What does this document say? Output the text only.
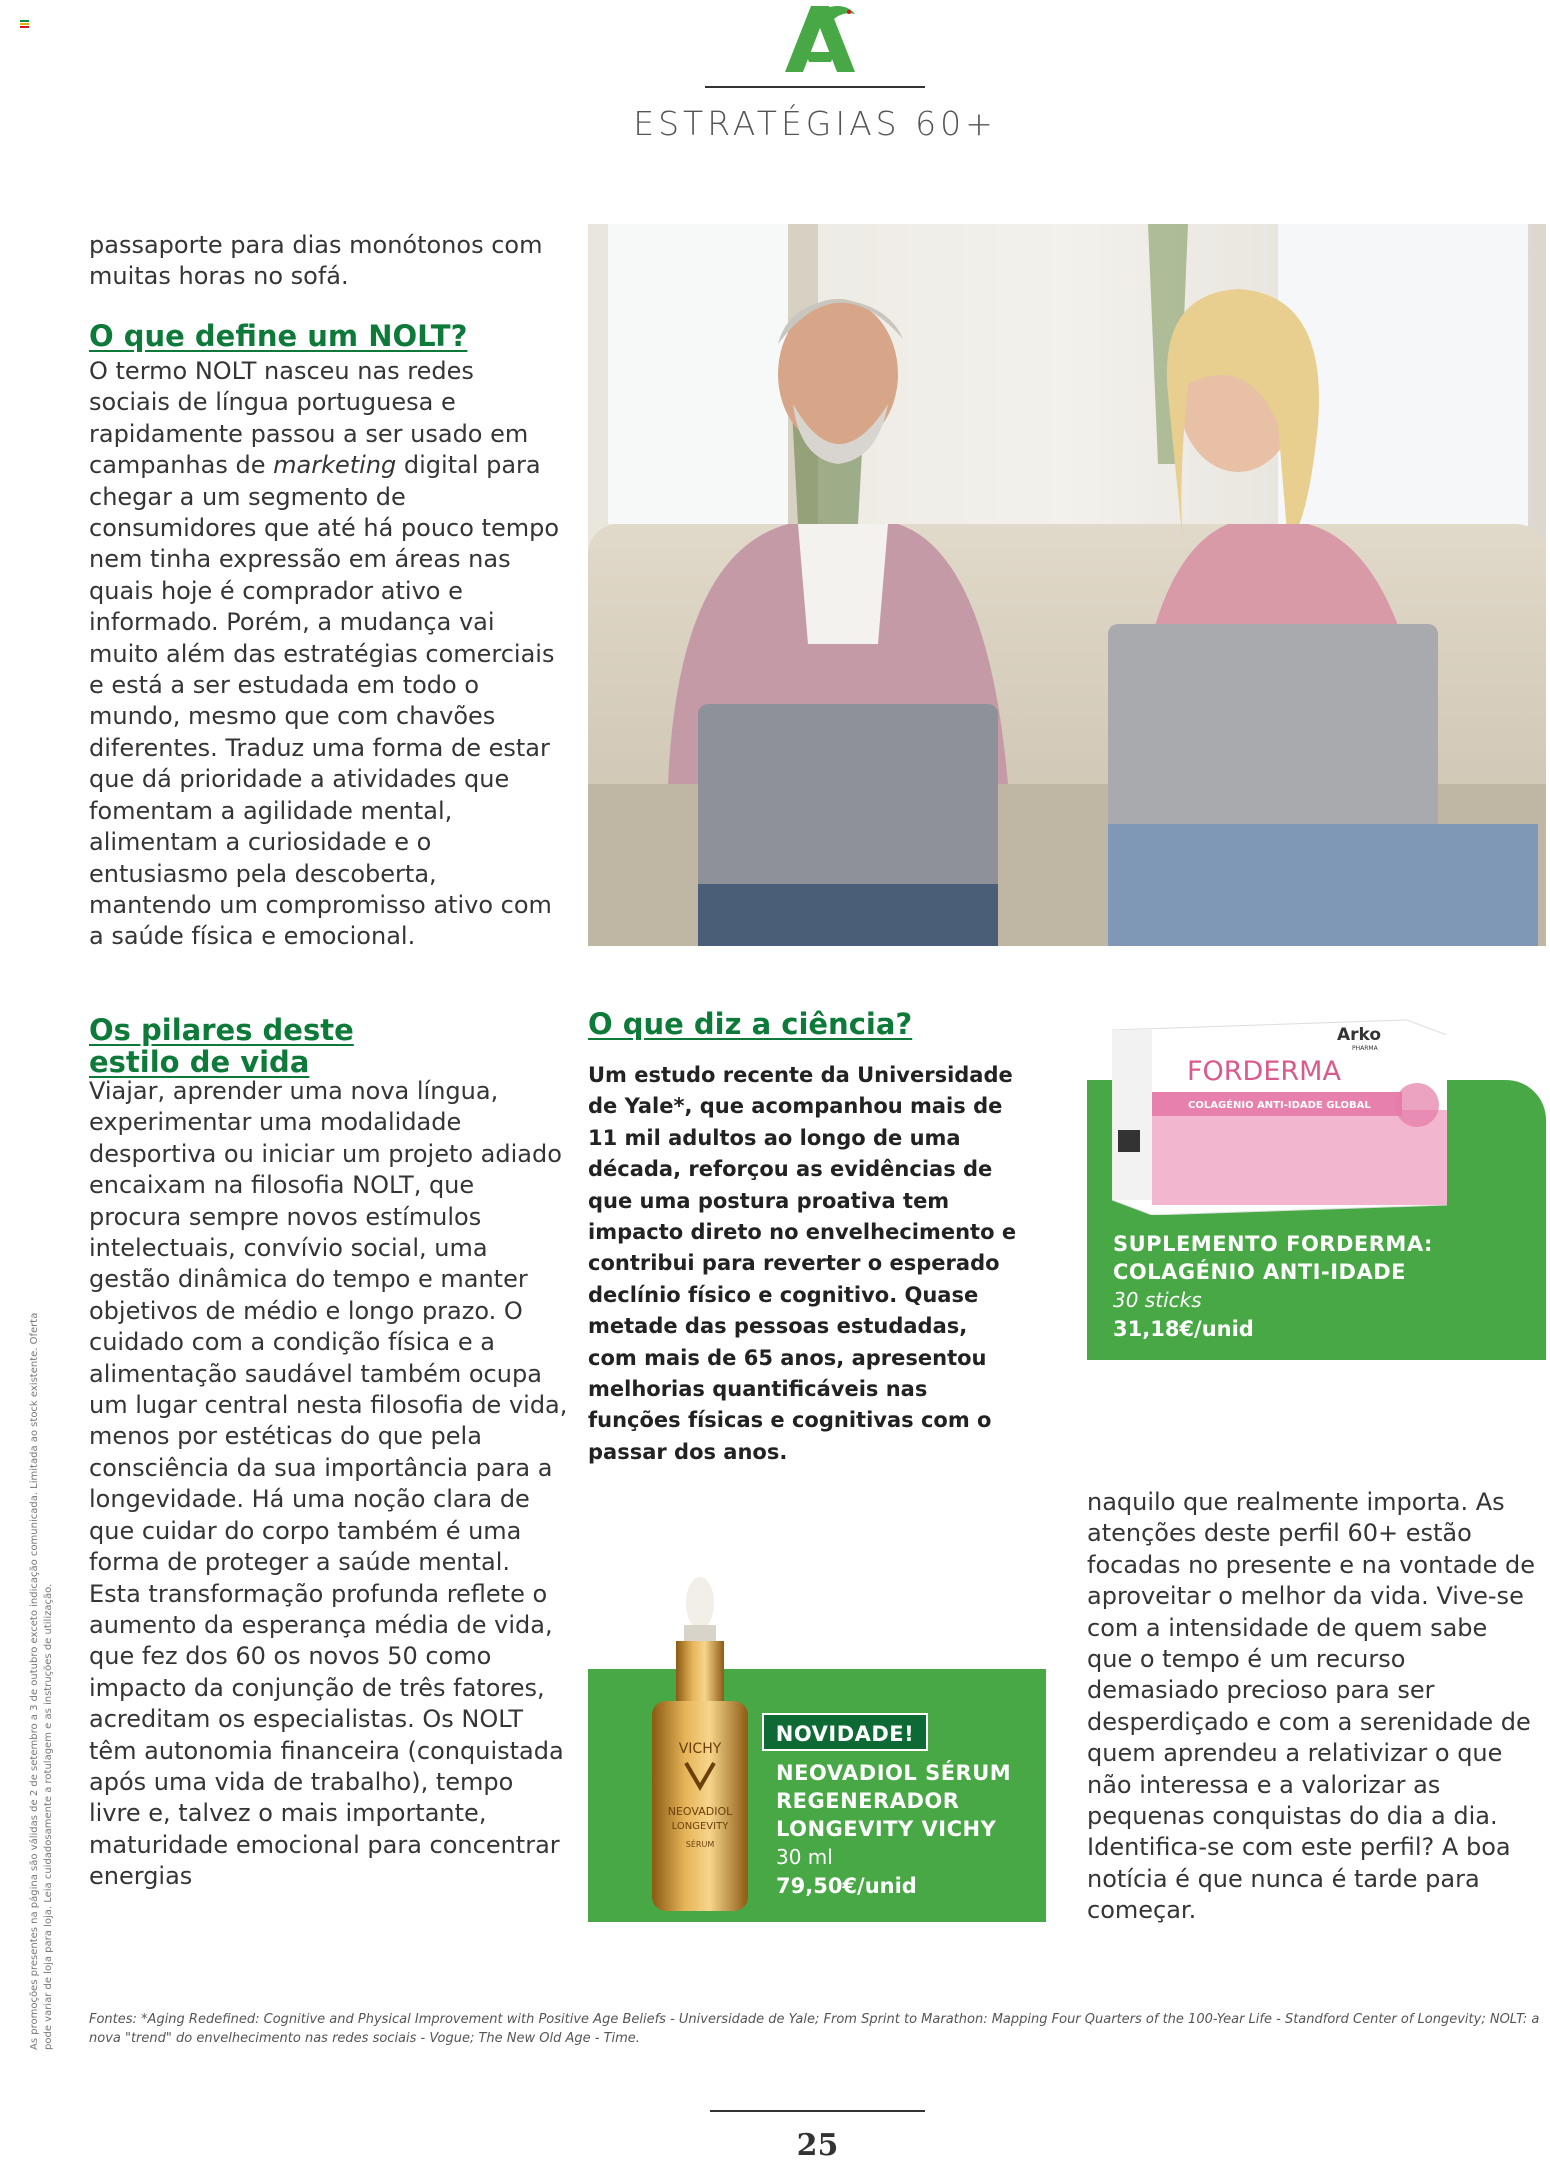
ESTRATÉGIAS 60+

passaporte para dias monótonos com muitas horas no sofá.

O que define um NOLT?

O termo NOLT nasceu nas redes sociais de língua portuguesa e rapidamente passou a ser usado em campanhas de marketing digital para chegar a um segmento de consumidores que até há pouco tempo nem tinha expressão em áreas nas quais hoje é comprador ativo e informado. Porém, a mudança vai muito além das estratégias comerciais e está a ser estudada em todo o mundo, mesmo que com chavões diferentes. Traduz uma forma de estar que dá prioridade a atividades que fomentam a agilidade mental, alimentam a curiosidade e o entusiasmo pela descoberta, mantendo um compromisso ativo com a saúde física e emocional.

Os pilares deste estilo de vida

Viajar, aprender uma nova língua, experimentar uma modalidade desportiva ou iniciar um projeto adiado encaixam na filosofia NOLT, que procura sempre novos estímulos intelectuais, convívio social, uma gestão dinâmica do tempo e manter objetivos de médio e longo prazo. O cuidado com a condição física e a alimentação saudável também ocupa um lugar central nesta filosofia de vida, menos por estéticas do que pela consciência da sua importância para a longevidade. Há uma noção clara de que cuidar do corpo também é uma forma de proteger a saúde mental. Esta transformação profunda reflete o aumento da esperança média de vida, que fez dos 60 os novos 50 como impacto da conjunção de três fatores, acreditam os especialistas. Os NOLT têm autonomia financeira (conquistada após uma vida de trabalho), tempo livre e, talvez o mais importante, maturidade emocional para concentrar energias

O que diz a ciência?

Um estudo recente da Universidade de Yale*, que acompanhou mais de 11 mil adultos ao longo de uma década, reforçou as evidências de que uma postura proativa tem impacto direto no envelhecimento e contribui para reverter o esperado declínio físico e cognitivo. Quase metade das pessoas estudadas, com mais de 65 anos, apresentou melhorias quantificáveis nas funções físicas e cognitivas com o passar dos anos.

SUPLEMENTO FORDERMA:
COLAGÉNIO ANTI-IDADE
30 sticks
31,18€/unid
Arko
PHARMA
FORDERMA
COLAGÉNIO ANTI-IDADE GLOBAL

naquilo que realmente importa. As atenções deste perfil 60+ estão focadas no presente e na vontade de aproveitar o melhor da vida. Vive-se com a intensidade de quem sabe que o tempo é um recurso demasiado precioso para ser desperdiçado e com a serenidade de quem aprendeu a relativizar o que não interessa e a valorizar as pequenas conquistas do dia a dia. Identifica-se com este perfil? A boa notícia é que nunca é tarde para começar.

NEOVADIOL SÉRUM
REGENERADOR
LONGEVITY VICHY
30 ml
79,50€/unid
NOVIDADE!
VICHY
NEOVADIOL
LONGEVITY
SÉRUM
Fontes: *Aging Redefined: Cognitive and Physical Improvement with Positive Age Beliefs - Universidade de Yale; From Sprint to Marathon: Mapping Four Quarters of the 100-Year Life - Standford Center of Longevity; NOLT: a nova "trend" do envelhecimento nas redes sociais - Vogue; The New Old Age - Time.
As promoções presentes na página são válidas de 2 de setembro a 3 de outubro exceto indicação comunicada. Limitada ao stock existente. Oferta pode variar de loja para loja. Leia cuidadosamente a rotulagem e as instruções de utilização.
25
